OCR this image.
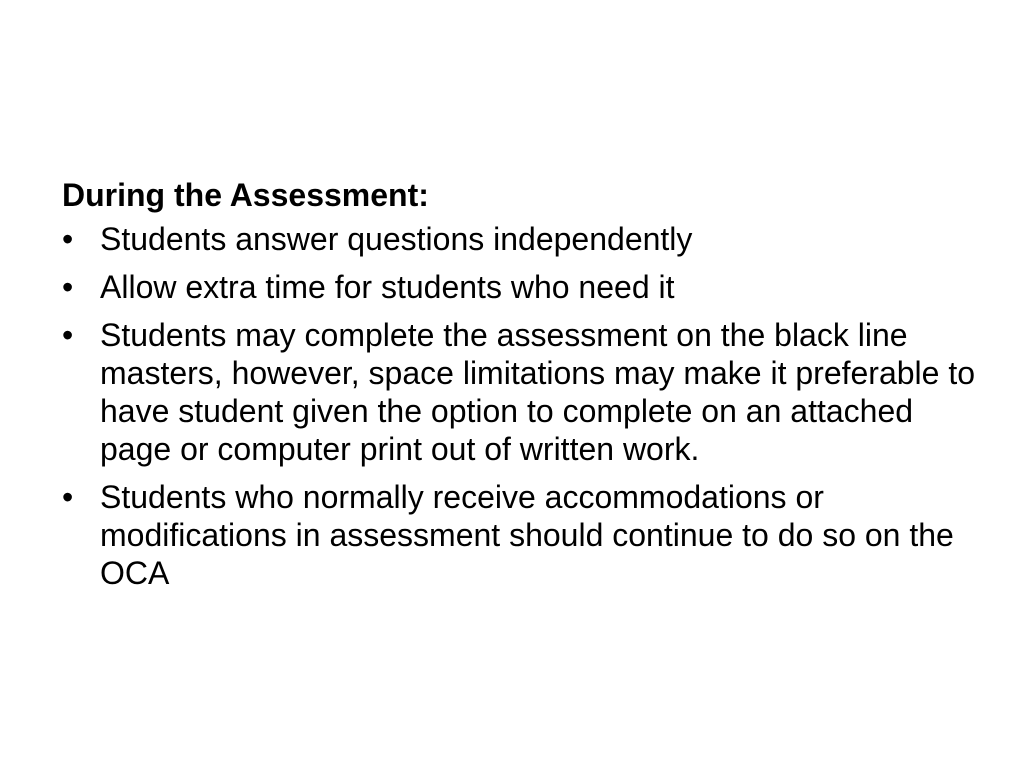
During the Assessment:
• Students answer questions independently
• Allow extra time for students who need it
• Students may complete the assessment on the black line masters, however, space limitations may make it preferable to have student given the option to complete on an attached page or computer print out of written work.
• Students who normally receive accommodations or modifications in assessment should continue to do so on the OCA
